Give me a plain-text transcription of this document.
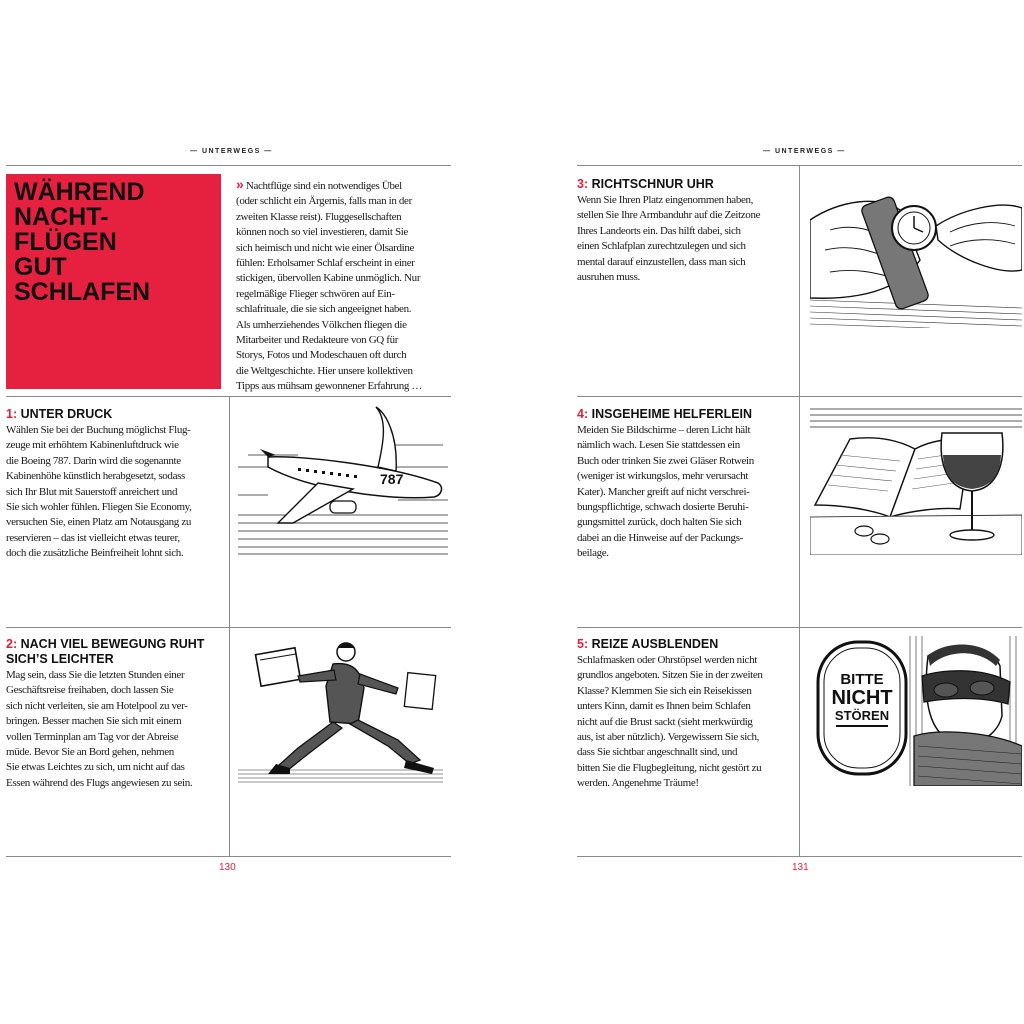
— UNTERWEGS —
WÄHREND
NACHT-
FLÜGEN
GUT
SCHLAFEN
» Nachtflüge sind ein notwendiges Übel
(oder schlicht ein Ärgernis, falls man in der
zweiten Klasse reist). Fluggesellschaften
können noch so viel investieren, damit Sie
sich heimisch und nicht wie einer Ölsardine
fühlen: Erholsamer Schlaf erscheint in einer
stickigen, übervollen Kabine unmöglich. Nur
regelmäßige Flieger schwören auf Ein-
schlafrituale, die sie sich angeeignet haben.
Als umherziehendes Völkchen fliegen die
Mitarbeiter und Redakteure von GQ für
Storys, Fotos und Modeschauen oft durch
die Weltgeschichte. Hier unsere kollektiven
Tipps aus mühsam gewonnener Erfahrung …
1: UNTER DRUCK
Wählen Sie bei der Buchung möglichst Flug-
zeuge mit erhöhtem Kabinenluftdruck wie
die Boeing 787. Darin wird die sogenannte
Kabinenhöhe künstlich herabgesetzt, sodass
sich Ihr Blut mit Sauerstoff anreichert und
Sie sich wohler fühlen. Fliegen Sie Economy,
versuchen Sie, einen Platz am Notausgang zu
reservieren – das ist vielleicht etwas teurer,
doch die zusätzliche Beinfreiheit lohnt sich.
787
2: NACH VIEL BEWEGUNG RUHT
SICH’S LEICHTER
Mag sein, dass Sie die letzten Stunden einer
Geschäftsreise freihaben, doch lassen Sie
sich nicht verleiten, sie am Hotelpool zu ver-
bringen. Besser machen Sie sich mit einem
vollen Terminplan am Tag vor der Abreise
müde. Bevor Sie an Bord gehen, nehmen
Sie etwas Leichtes zu sich, um nicht auf das
Essen während des Flugs angewiesen zu sein.
130
— UNTERWEGS —
3: RICHTSCHNUR UHR
Wenn Sie Ihren Platz eingenommen haben,
stellen Sie Ihre Armbanduhr auf die Zeitzone
Ihres Landeorts ein. Das hilft dabei, sich
einen Schlafplan zurechtzulegen und sich
mental darauf einzustellen, dass man sich
ausruhen muss.
4: INSGEHEIME HELFERLEIN
Meiden Sie Bildschirme – deren Licht hält
nämlich wach. Lesen Sie stattdessen ein
Buch oder trinken Sie zwei Gläser Rotwein
(weniger ist wirkungslos, mehr verursacht
Kater). Mancher greift auf nicht verschrei-
bungspflichtige, schwach dosierte Beruhi-
gungsmittel zurück, doch halten Sie sich
dabei an die Hinweise auf der Packungs-
beilage.
5: REIZE AUSBLENDEN
Schlafmasken oder Ohrstöpsel werden nicht
grundlos angeboten. Sitzen Sie in der zweiten
Klasse? Klemmen Sie sich ein Reisekissen
unters Kinn, damit es Ihnen beim Schlafen
nicht auf die Brust sackt (sieht merkwürdig
aus, ist aber nützlich). Vergewissern Sie sich,
dass Sie sichtbar angeschnallt sind, und
bitten Sie die Flugbegleitung, nicht gestört zu
werden. Angenehme Träume!
BITTE
NICHT
STÖREN
131
